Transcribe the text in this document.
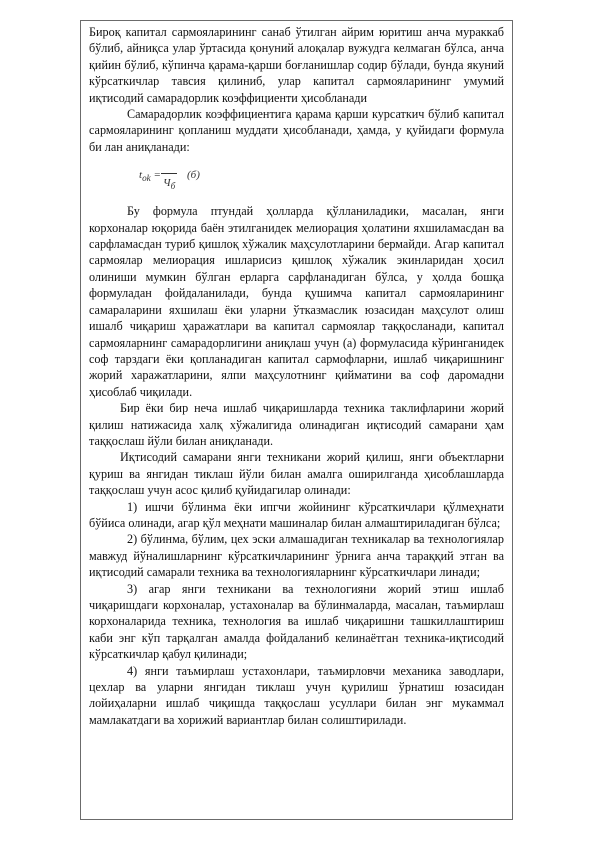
Бироқ капитал сармояларининг санаб ўтилган айрим юритиш анча мураккаб бўлиб, айниқса улар ўртасида қонуний алоқалар вужудга келмаган бўлса, анча қийин бўлиб, кўпинча қарама-қарши боғланишлар содир бўлади, бунда якуний кўрсаткичлар тавсия қилиниб, улар капитал сармояларининг умумий иқтисодий самарадорлик коэффициенти ҳисобланади

Самарадорлик коэффициентига қарама қарши курсаткич бўлиб капитал сармояларининг қопланиш муддати ҳисобланади, ҳамда, у қуйидаги формула би лан аниқланади:

$t_{ok}$ =
$Ч_б$
(б)

Бу формула птундай ҳолларда қўлланиладики, масалан, янги корхоналар юқорида баён этилганидек мелиорация ҳолатини яхшиламасдан ва сарфламасдан туриб қишлоқ хўжалик маҳсулотларини бермайди. Агар капитал сармоялар мелиорация ишларисиз қишлоқ хўжалик экинларидан ҳосил олиниши мумкин бўлган ерларга сарфланадиган бўлса, у ҳолда бошқа формуладан фойдаланилади, бунда қушимча капитал сармояларининг самараларини яхшилаш ёки уларни ўтказмаслик юзасидан маҳсулот олиш ишалб чиқариш ҳаражатлари ва капитал сармоялар таққосланади, капитал сармояларнинг самарадорлигини аниқлаш учун (а) формуласида кўринганидек соф тарздаги ёки қопланадиган капитал сармофларни, ишлаб чиқаришнинг жорий харажатларини, ялпи маҳсулотнинг қийматини ва соф даромадни ҳисоблаб чиқилади.

Бир ёки бир неча ишлаб чиқаришларда техника таклифларини жорий қилиш натижасида халқ хўжалигида олинадиган иқтисодий самарани ҳам таққослаш йўли билан аниқланади.

Иқтисодий самарани янги техникани жорий қилиш, янги объектларни қуриш ва янгидан тиклаш йўли билан амалга оширилганда ҳисоблашларда таққослаш учун асос қилиб қуйидагилар олинади:

1) ишчи бўлинма ёки ипгчи жойининг кўрсаткичлари қўлмеҳнати бўйиса олинади, агар қўл меҳнати машиналар билан алмаштириладиган бўлса;

2) бўлинма, бўлим, цех эски алмашадиган техникалар ва технологиялар мавжуд йўналишларнинг кўрсаткичларининг ўрнига анча тараққий этган ва иқтисодий самарали техника ва технологияларнинг кўрсаткичлари линади;

3) агар янги техникани ва технологияни жорий этиш ишлаб чиқаришдаги корхоналар, устахоналар ва бўлинмаларда, масалан, таъмирлаш корхоналарида техника, технология ва ишлаб чиқаришни ташкиллаштириш каби энг кўп тарқалган амалда фойдаланиб келинаётган техника-иқтисодий кўрсаткичлар қабул қилинади;

4) янги таъмирлаш устахонлари, таъмирловчи механика заводлари, цехлар ва уларни янгидан тиклаш учун қурилиш ўрнатиш юзасидан лойиҳаларни ишлаб чиқишда таққослаш усуллари билан энг мукаммал мамлакатдаги ва хорижий вариантлар билан солиштирилади.
